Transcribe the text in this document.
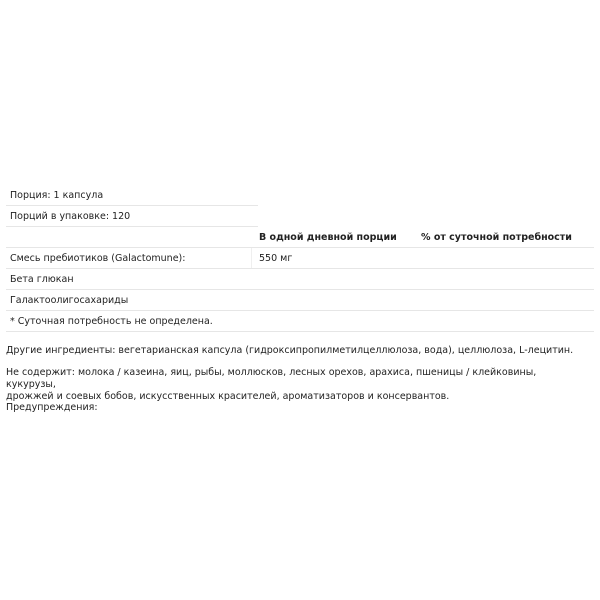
Порция: 1 капсула
Порций в упаковке: 120
В одной дневной порции	% от суточной потребности
Смесь пребиотиков (Galactomune):	550 мг
Бета глюкан
Галактоолигосахариды
* Суточная потребность не определена.

Другие ингредиенты: вегетарианская капсула (гидроксипропилметилцеллюлоза, вода), целлюлоза, L-лецитин.

Не содержит: молока / казеина, яиц, рыбы, моллюсков, лесных орехов, арахиса, пшеницы / клейковины, кукурузы,

дрожжей и соевых бобов, искусственных красителей, ароматизаторов и консервантов.

Предупреждения:
